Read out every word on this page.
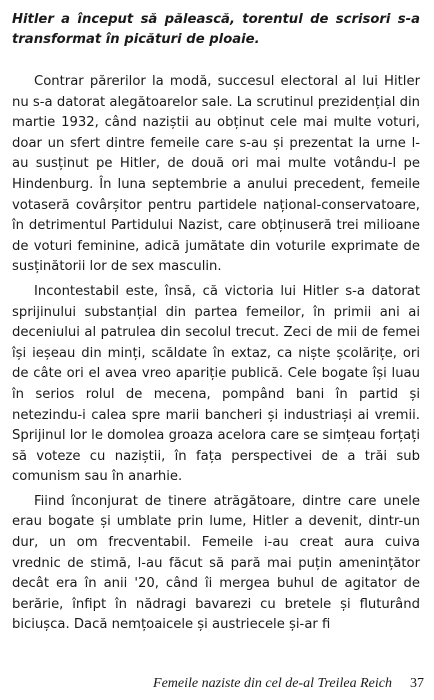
Hitler a început să pălească, torentul de scrisori s-a transformat în picături de ploaie.

Contrar părerilor la modă, succesul electoral al lui Hitler nu s-a datorat alegătoarelor sale. La scrutinul prezidențial din martie 1932, când naziștii au obținut cele mai multe voturi, doar un sfert dintre femeile care s-au și prezentat la urne l-au susținut pe Hitler, de două ori mai multe votându-l pe Hindenburg. În luna septembrie a anului precedent, femeile votaseră covârșitor pentru partidele național-conservatoare, în detrimentul Partidului Nazist, care obținuseră trei milioane de voturi feminine, adică jumătate din voturile exprimate de susținătorii lor de sex masculin.

Incontestabil este, însă, că victoria lui Hitler s-a datorat sprijinului substanțial din partea femeilor, în primii ani ai deceniului al patrulea din secolul trecut. Zeci de mii de femei își ieșeau din minți, scăldate în extaz, ca niște școlărițe, ori de câte ori el avea vreo apariție publică. Cele bogate își luau în serios rolul de mecena, pompând bani în partid și netezindu-i calea spre marii bancheri și industriași ai vremii. Sprijinul lor le domolea groaza acelora care se simțeau forțați să voteze cu naziștii, în fața perspectivei de a trăi sub comunism sau în anarhie.

Fiind înconjurat de tinere atrăgătoare, dintre care unele erau bogate și umblate prin lume, Hitler a devenit, dintr-un dur, un om frecventabil. Femeile i-au creat aura cuiva vrednic de stimă, l-au făcut să pară mai puțin amenințător decât era în anii '20, când îi mergea buhul de agitator de berărie, înfipt în nădragi bavarezi cu bretele și fluturând biciușca. Dacă nemțoaicele și austriecele și-ar fi

Femeile naziste din cel de-al Treilea Reich 37
